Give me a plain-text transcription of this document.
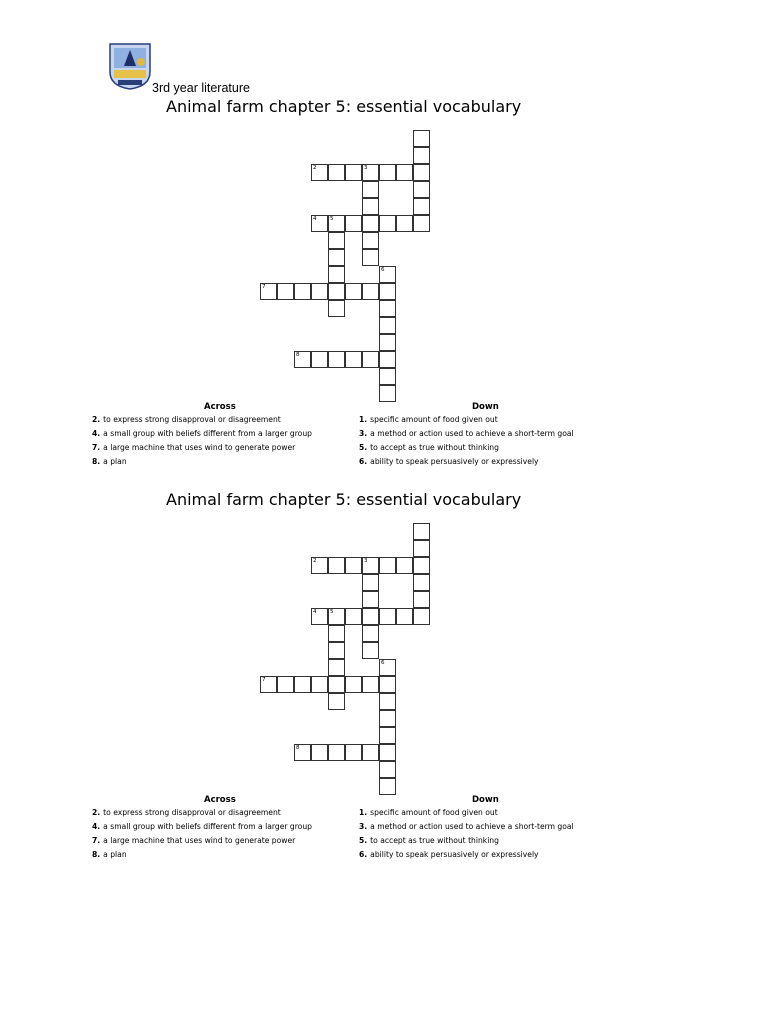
3rd year literature
Animal farm chapter 5: essential vocabulary
2	3
4 5
6
7
8
Across	Down
2. to express strong disapproval or disagreement
4. a small group with beliefs different from a larger group
7. a large machine that uses wind to generate power
8. a plan
1. specific amount of food given out
3. a method or action used to achieve a short-term goal
5. to accept as true without thinking
6. ability to speak persuasively or expressively
Animal farm chapter 5: essential vocabulary
2	3
4 5
6
7
8
Across	Down
2. to express strong disapproval or disagreement
4. a small group with beliefs different from a larger group
7. a large machine that uses wind to generate power
8. a plan
1. specific amount of food given out
3. a method or action used to achieve a short-term goal
5. to accept as true without thinking
6. ability to speak persuasively or expressively
